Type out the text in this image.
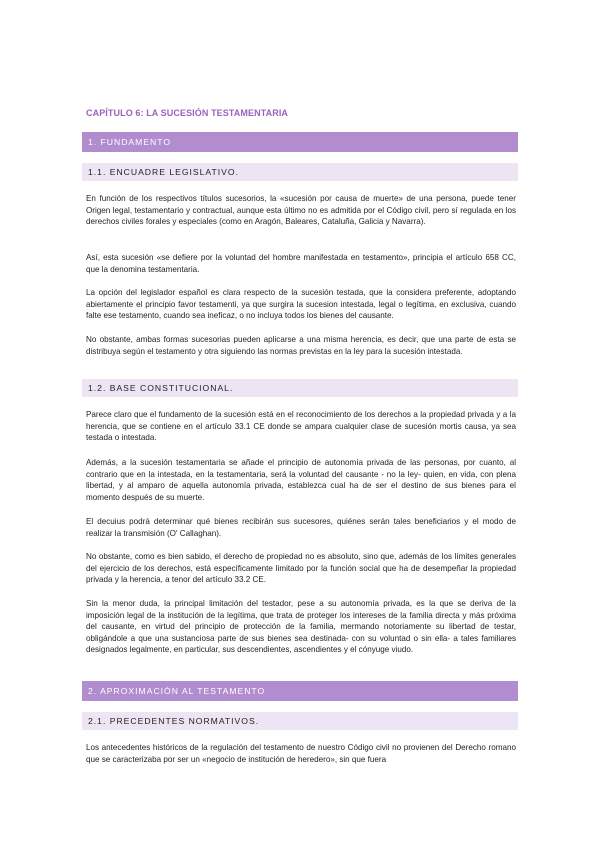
CAPÍTULO 6: LA SUCESIÓN TESTAMENTARIA
1. FUNDAMENTO
1.1. ENCUADRE LEGISLATIVO.

En función de los respectivos títulos sucesorios, la «sucesión por causa de muerte» de una persona, puede tener Origen legal, testamentario y contractual, aunque esta último no es admitida por el Código civil, pero sí regulada en los derechos civiles forales y especiales (como en Aragón, Baleares, Cataluña, Galicia y Navarra).

Así, esta sucesión «se defiere por la voluntad del hombre manifestada en testamento», principia el artículo 658 CC, que la denomina testamentaria.

La opción del legislador español es clara respecto de la sucesión testada, que la considera preferente, adoptando abiertamente el principio favor testamenti, ya que surgira la sucesion intestada, legal o legítima, en exclusiva, cuando falte ese testamento, cuando sea ineficaz, o no incluya todos los bienes del causante.

No obstante, ambas formas sucesorias pueden aplicarse a una misma herencia, es decir, que una parte de esta se distribuya según el testamento y otra siguiendo las normas previstas en la ley para la sucesión intestada.

1.2. BASE CONSTITUCIONAL.

Parece claro que el fundamento de la sucesión está en el reconocimiento de los derechos a la propiedad privada y a la herencia, que se contiene en el artículo 33.1 CE donde se ampara cualquier clase de sucesión mortis causa, ya sea testada o intestada.

Además, a la sucesión testamentaria se añade el principio de autonomía privada de las personas, por cuanto, al contrario que en la intestada, en la testamentaria, será la voluntad del causante - no la ley- quien, en vida, con plena libertad, y al amparo de aquella autonomía privada, establezca cual ha de ser el destino de sus bienes para el momento después de su muerte.

El decuius podrá determinar qué bienes recibirán sus sucesores, quiénes serán tales beneficiarios y el modo de realizar la transmisión (O' Callaghan).

No obstante, como es bien sabido, el derecho de propiedad no es absoluto, sino que, además de los límites generales del ejercicio de los derechos, está específicamente limitado por la función social que ha de desempeñar la propiedad privada y la herencia, a tenor del artículo 33.2 CE.

Sin la menor duda, la principal limitación del testador, pese a su autonomía privada, es la que se deriva de la imposición legal de la institución de la legítima, que trata de proteger los intereses de la familia directa y más próxima del causante, en virtud del principio de protección de la familia, mermando notoriamente su libertad de testar, obligándole a que una sustanciosa parte de sus bienes sea destinada- con su voluntad o sin ella- a tales familiares designados legalmente, en particular, sus descendientes, ascendientes y el cónyuge viudo.

2. APROXIMACIÓN AL TESTAMENTO
2.1. PRECEDENTES NORMATIVOS.

Los antecedentes históricos de la regulación del testamento de nuestro Código civil no provienen del Derecho romano que se caracterizaba por ser un «negocio de institución de heredero», sin que fuera
